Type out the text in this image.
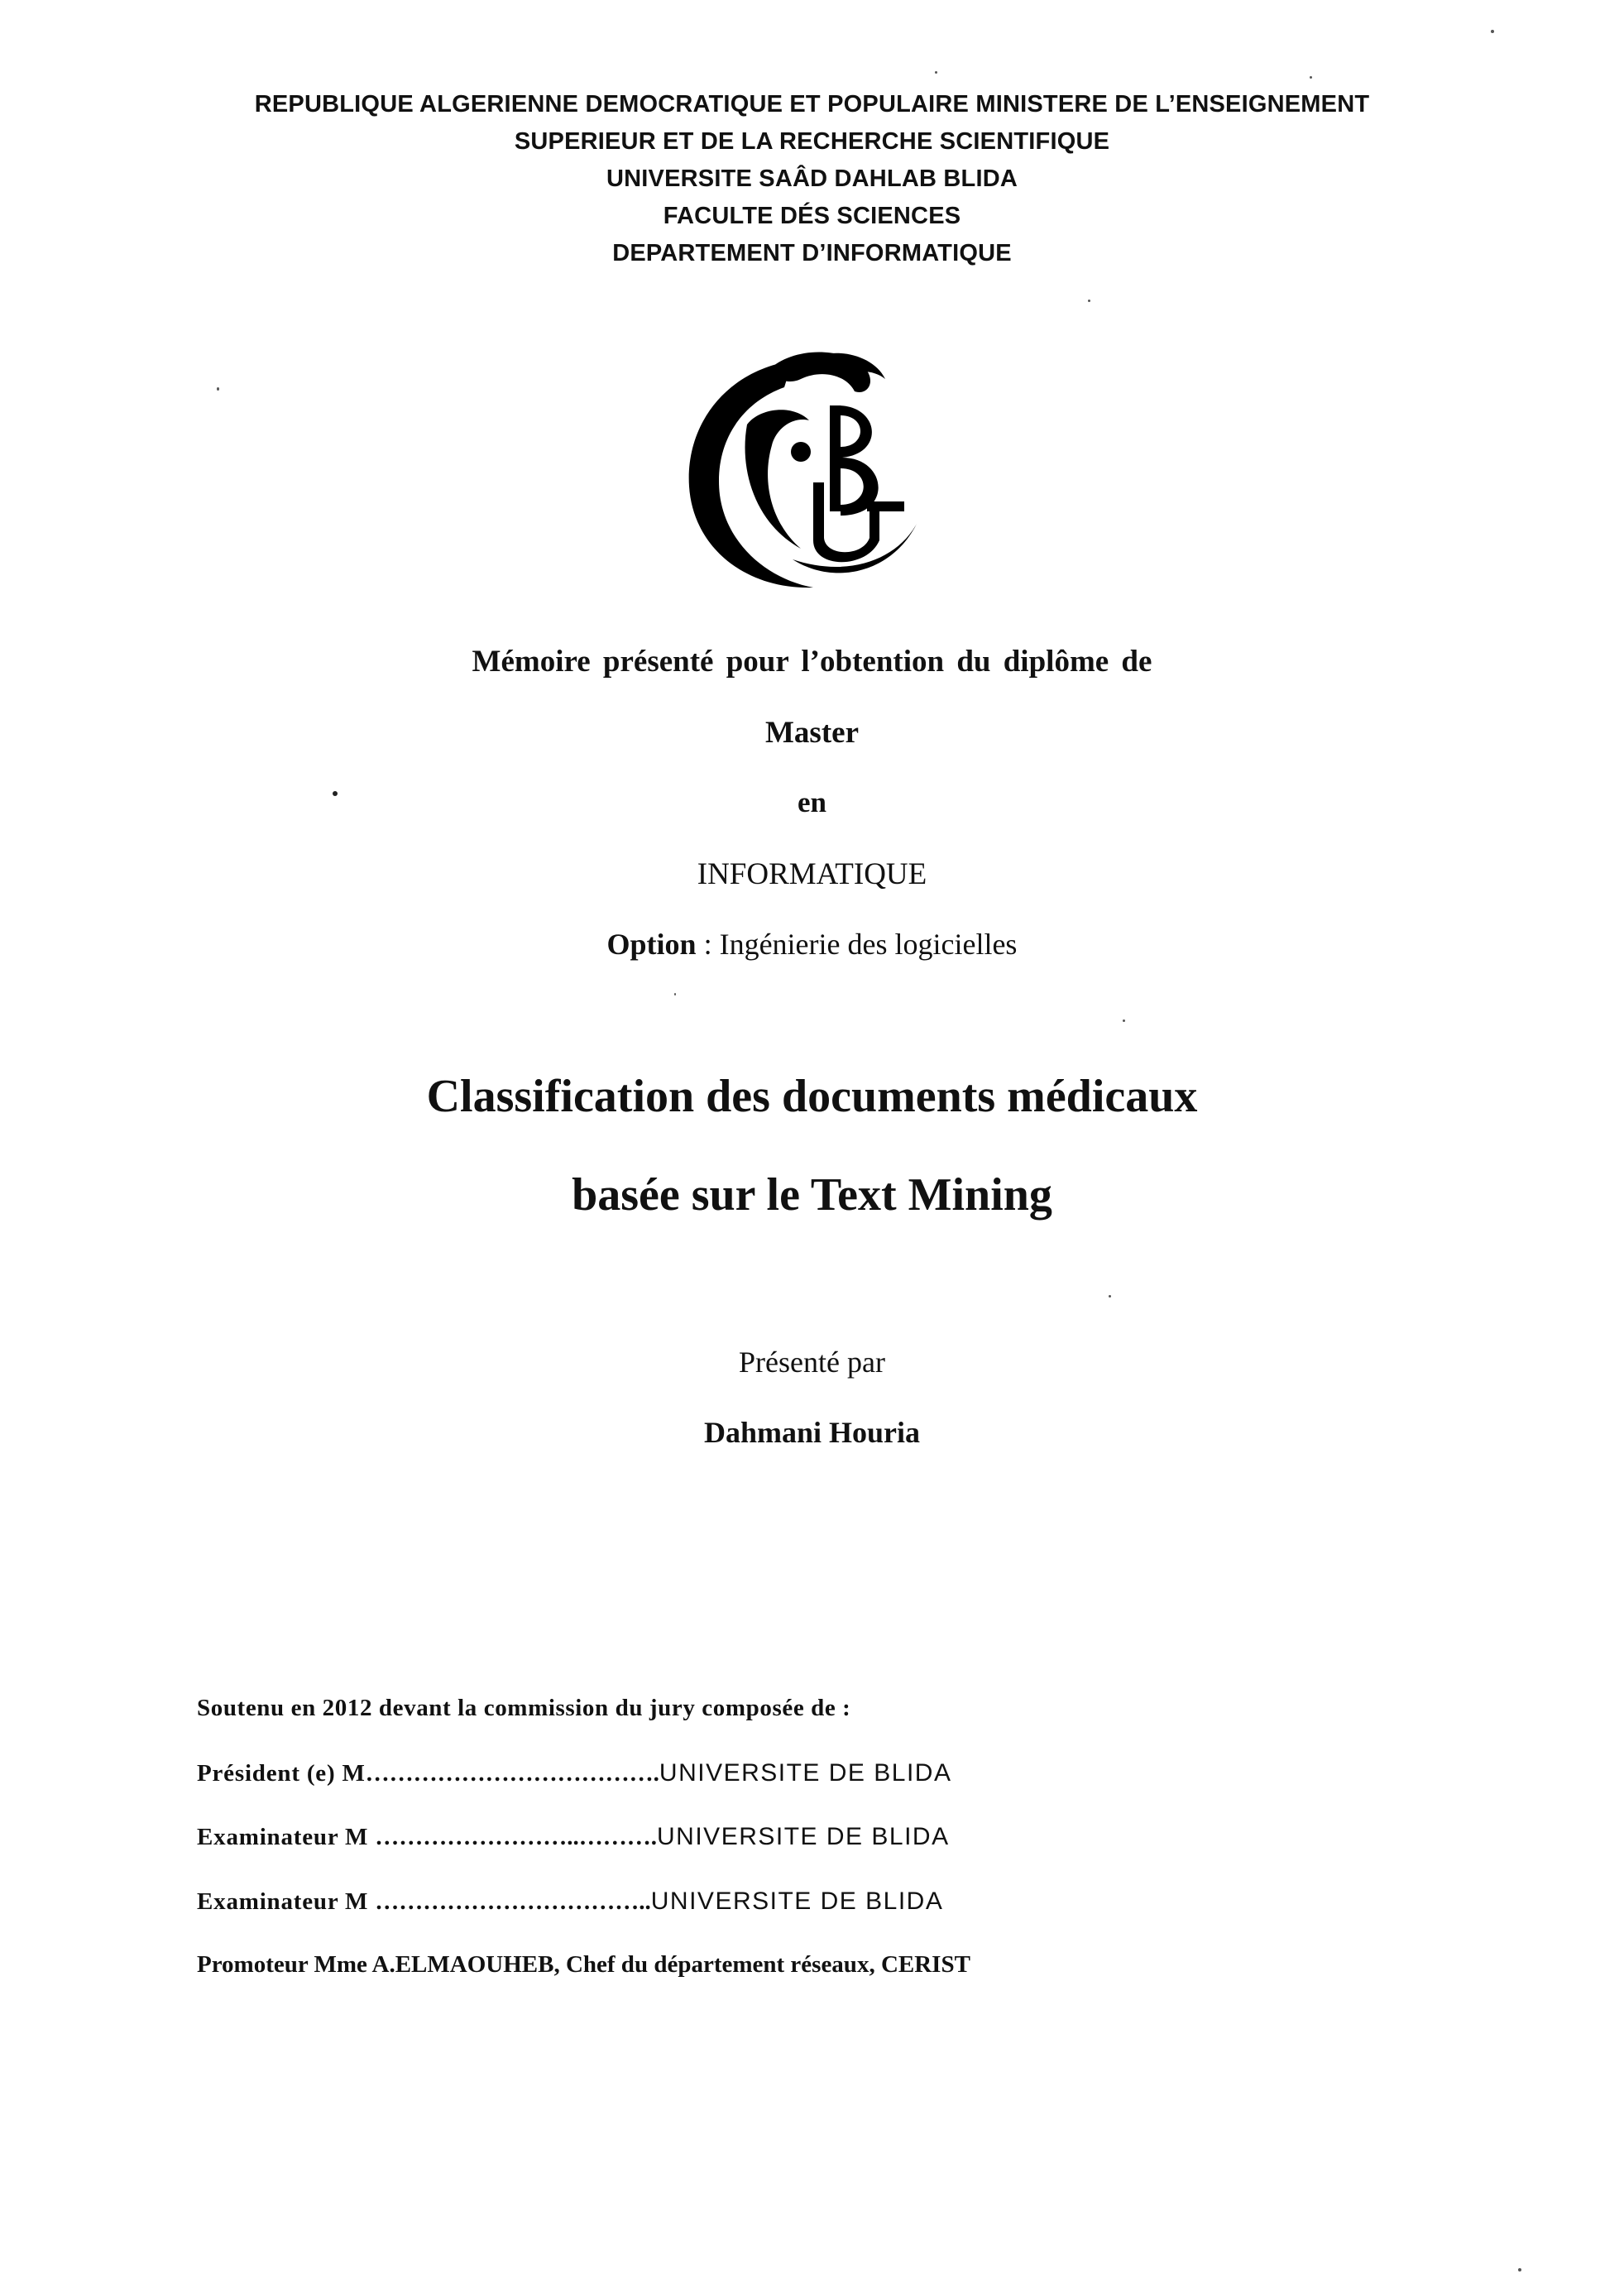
REPUBLIQUE ALGERIENNE DEMOCRATIQUE ET POPULAIRE MINISTERE DE L’ENSEIGNEMENT
SUPERIEUR ET DE LA RECHERCHE SCIENTIFIQUE
UNIVERSITE SAÂD DAHLAB BLIDA
FACULTE DÉS SCIENCES
DEPARTEMENT D’INFORMATIQUE
Mémoire présenté pour l’obtention du diplôme de
Master
en
INFORMATIQUE
Option : Ingénierie des logicielles
Classification des documents médicaux
basée sur le Text Mining
Présenté par
Dahmani Houria
Soutenu en 2012 devant la commission du jury composée de :
Président (e) M……………………………….UNIVERSITE DE BLIDA
Examinateur M ……………………..……….UNIVERSITE DE BLIDA
Examinateur M ……………………………..UNIVERSITE DE BLIDA
Promoteur Mme A.ELMAOUHEB, Chef du département réseaux, CERIST
